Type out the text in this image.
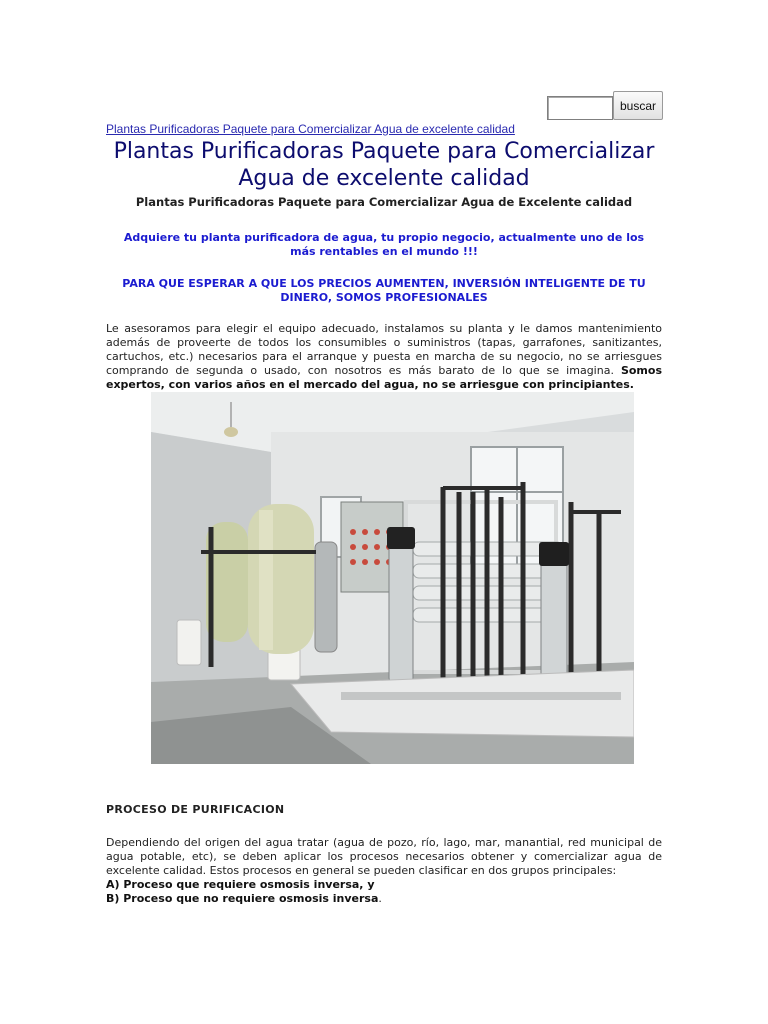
buscar
Plantas Purificadoras Paquete para Comercializar Agua de excelente calidad
Plantas Purificadoras Paquete para Comercializar
Agua de excelente calidad
Plantas Purificadoras Paquete para Comercializar Agua de Excelente calidad
Adquiere tu planta purificadora de agua, tu propio negocio, actualmente uno de los
más rentables en el mundo !!!
PARA QUE ESPERAR A QUE LOS PRECIOS AUMENTEN, INVERSIÓN INTELIGENTE DE TU
DINERO, SOMOS PROFESIONALES
Le asesoramos para elegir el equipo adecuado, instalamos su planta y le damos mantenimiento además de proveerte de todos los consumibles o suministros (tapas, garrafones, sanitizantes, cartuchos, etc.) necesarios para el arranque y puesta en marcha de su negocio, no se arriesgues comprando de segunda o usado, con nosotros es más barato de lo que se imagina. Somos expertos, con varios años en el mercado del agua, no se arriesgue con principiantes.
PROCESO DE PURIFICACION
Dependiendo del origen del agua tratar (agua de pozo, río, lago, mar, manantial, red municipal de agua potable, etc), se deben aplicar los procesos necesarios obtener y comercializar agua de excelente calidad. Estos procesos en general se pueden clasificar en dos grupos principales:
A) Proceso que requiere osmosis inversa, y
B) Proceso que no requiere osmosis inversa.
